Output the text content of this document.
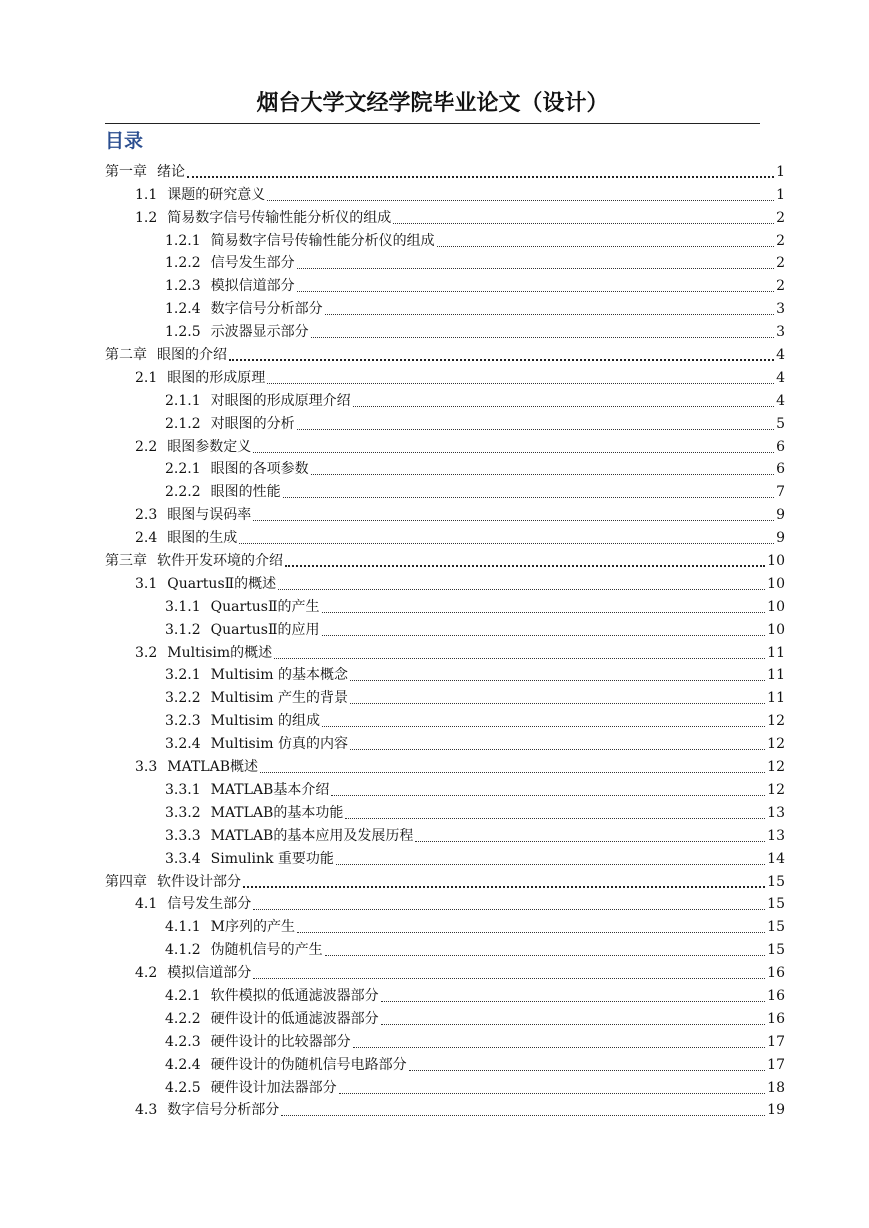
烟台大学文经学院毕业论文（设计）
目录
第一章 绪论	1
1.1 课题的研究意义	1
1.2 简易数字信号传输性能分析仪的组成	2
1.2.1 简易数字信号传输性能分析仪的组成	2
1.2.2 信号发生部分	2
1.2.3 模拟信道部分	2
1.2.4 数字信号分析部分	3
1.2.5 示波器显示部分	3
第二章 眼图的介绍	4
2.1 眼图的形成原理	4
2.1.1 对眼图的形成原理介绍	4
2.1.2 对眼图的分析	5
2.2 眼图参数定义	6
2.2.1 眼图的各项参数	6
2.2.2 眼图的性能	7
2.3 眼图与误码率	9
2.4 眼图的生成	9
第三章 软件开发环境的介绍	10
3.1 QuartusⅡ的概述	10
3.1.1 QuartusⅡ的产生	10
3.1.2 QuartusⅡ的应用	10
3.2 Multisim的概述	11
3.2.1 Multisim 的基本概念	11
3.2.2 Multisim 产生的背景	11
3.2.3 Multisim 的组成	12
3.2.4 Multisim 仿真的内容	12
3.3 MATLAB概述	12
3.3.1 MATLAB基本介绍	12
3.3.2 MATLAB的基本功能	13
3.3.3 MATLAB的基本应用及发展历程	13
3.3.4 Simulink 重要功能	14
第四章 软件设计部分	15
4.1 信号发生部分	15
4.1.1 M序列的产生	15
4.1.2 伪随机信号的产生	15
4.2 模拟信道部分	16
4.2.1 软件模拟的低通滤波器部分	16
4.2.2 硬件设计的低通滤波器部分	16
4.2.3 硬件设计的比较器部分	17
4.2.4 硬件设计的伪随机信号电路部分	17
4.2.5 硬件设计加法器部分	18
4.3 数字信号分析部分	19
